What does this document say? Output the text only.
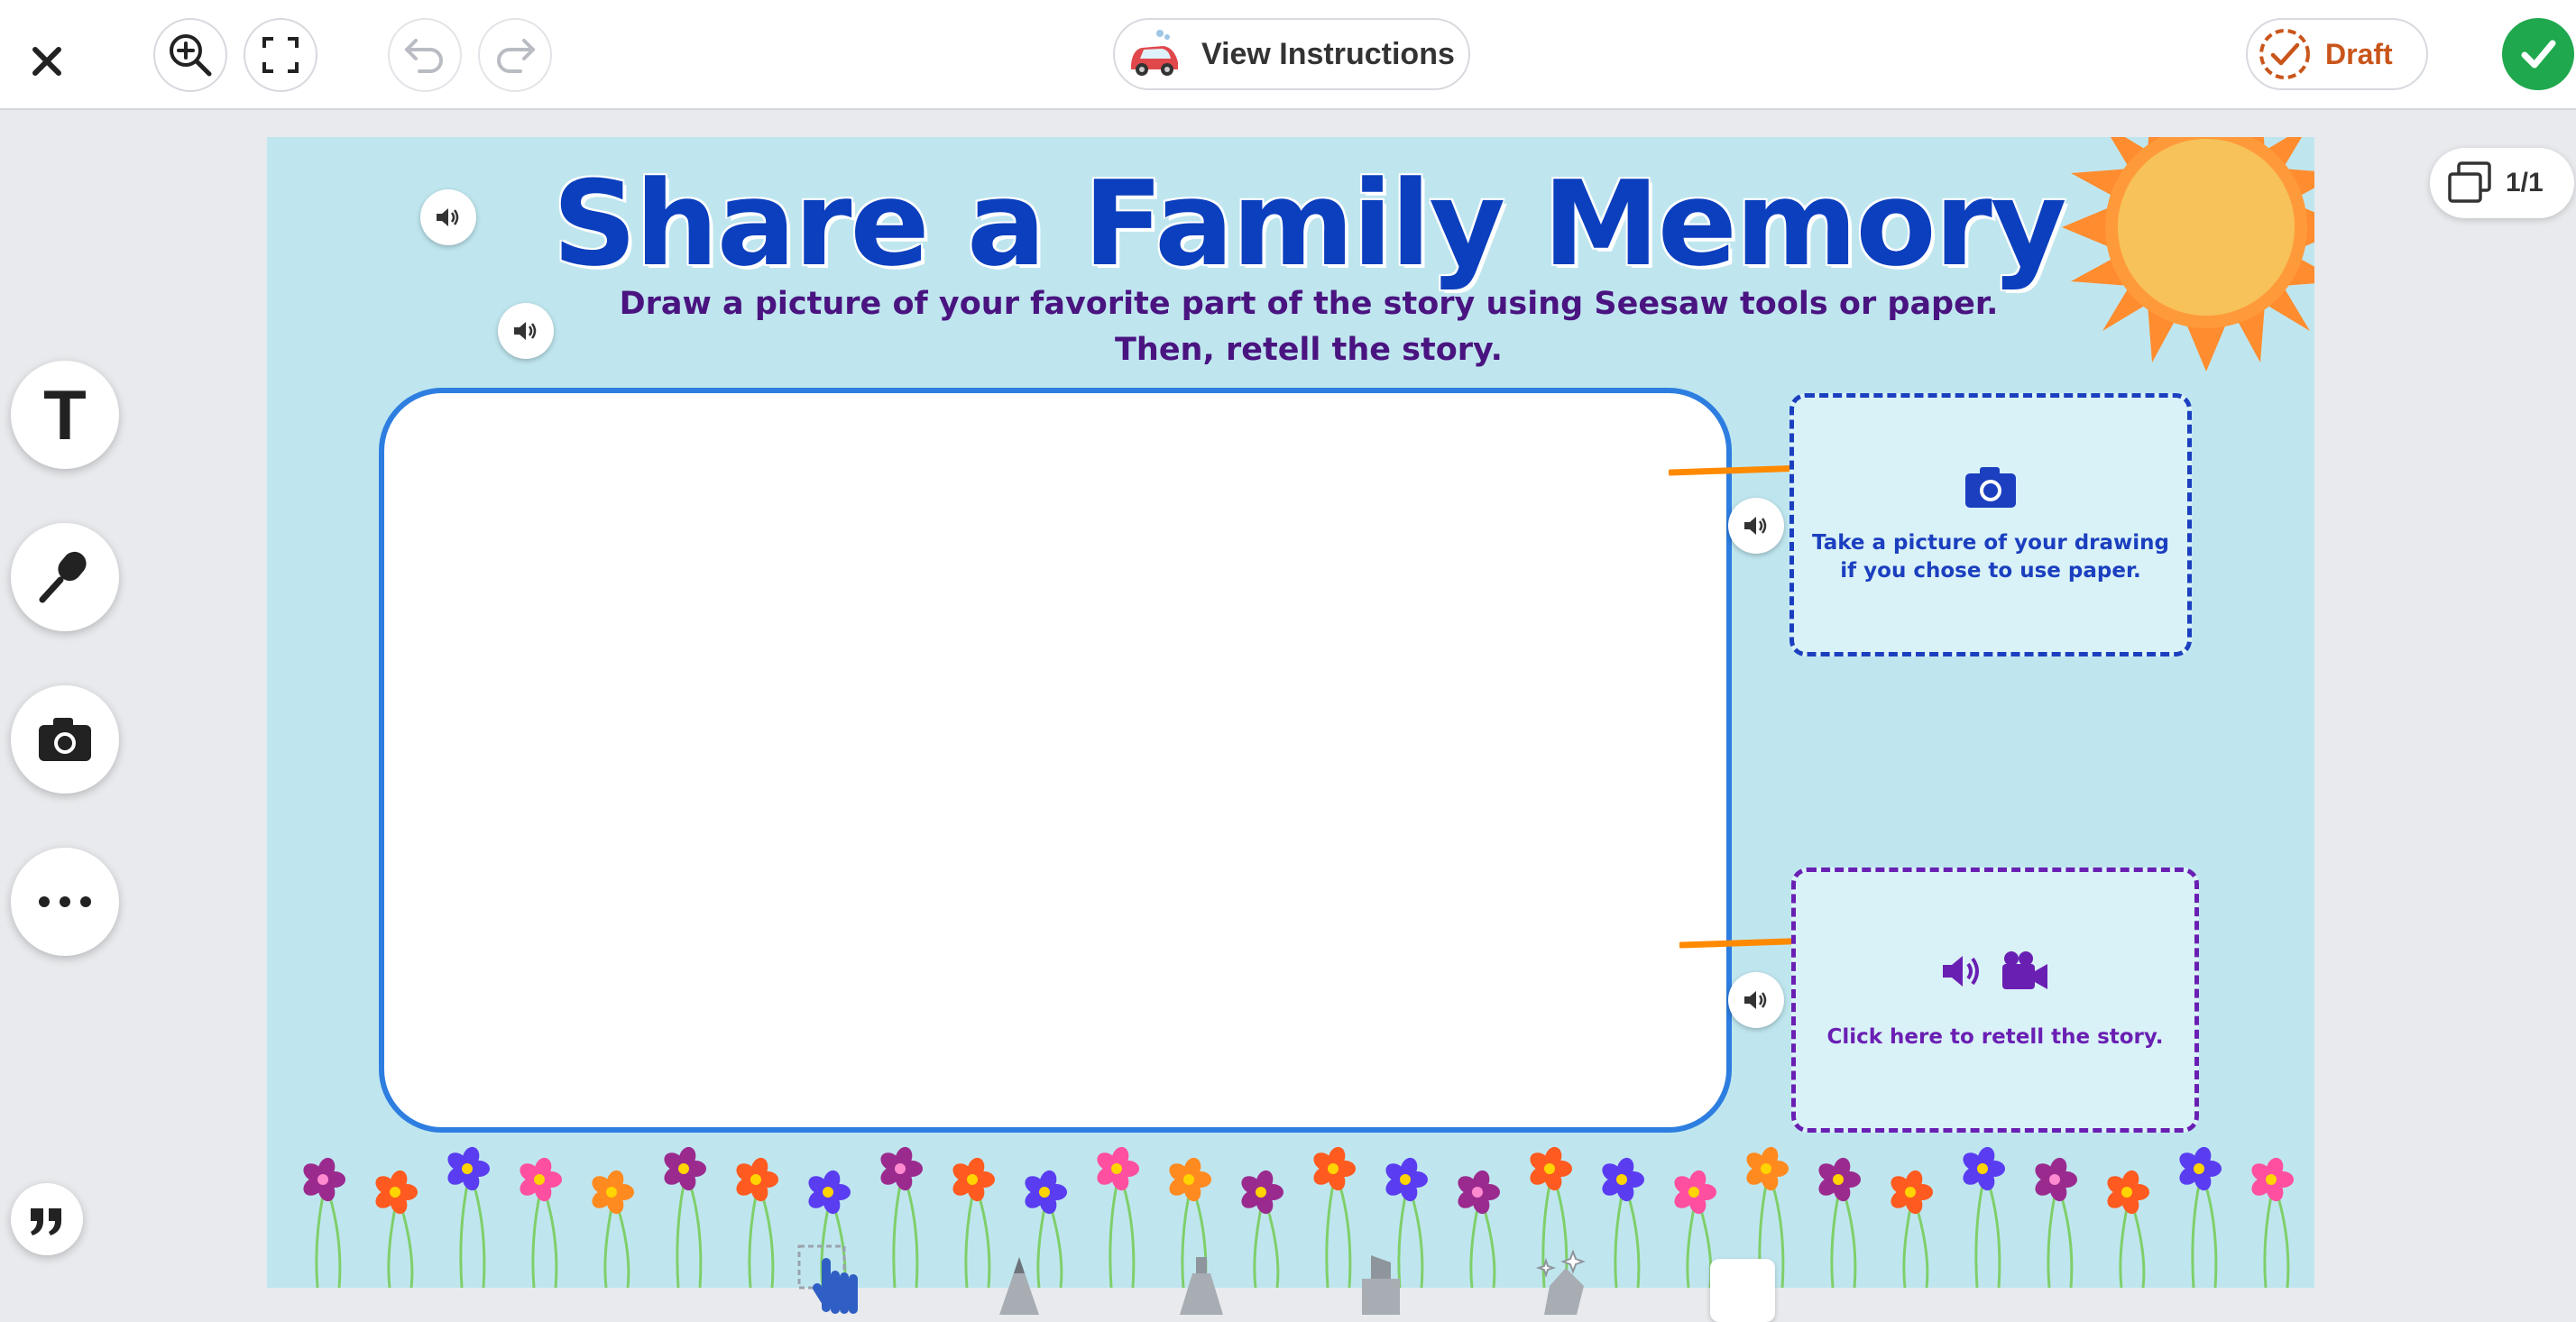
View Instructions	Draft
1/1
T
Share a Family Memory

Draw a picture of your favorite part of the story using Seesaw tools or paper.

Then, retell the story.

Take a picture of your drawing if you chose to use paper.
Click here to retell the story.
